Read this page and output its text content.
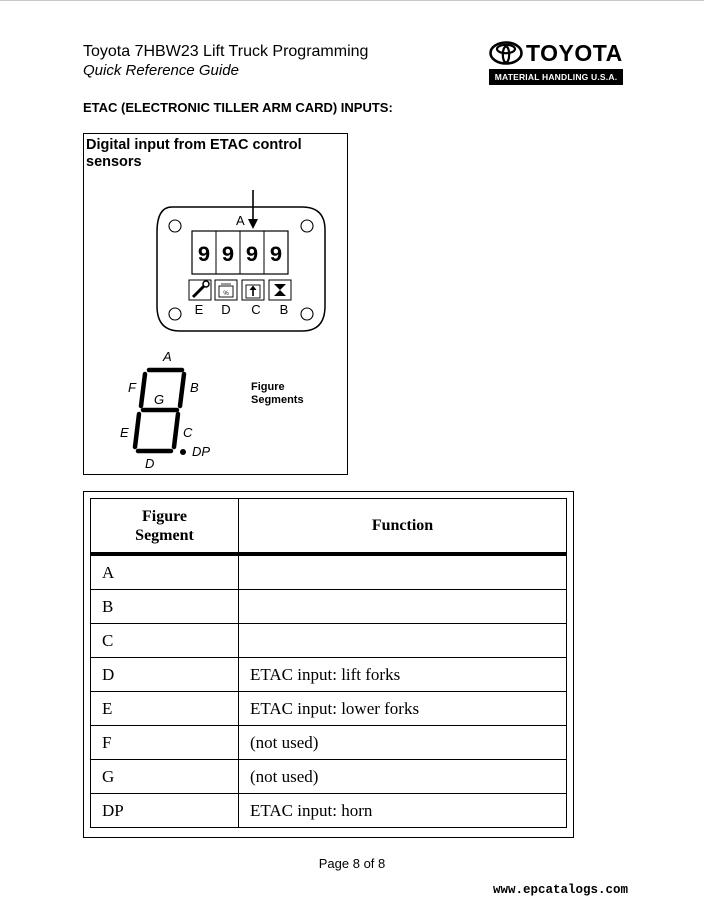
Toyota 7HBW23 Lift Truck Programming
Quick Reference Guide
TOYOTA
MATERIAL HANDLING U.S.A.
ETAC (ELECTRONIC TILLER ARM CARD) INPUTS:
Digital input from ETAC control sensors
A
9 9 9 9
%
E D C B
A
F	B
G
E	C
DP
D
Figure
Segments
Figure
Segment	Function
A	
B	
C	
D	ETAC input: lift forks
E	ETAC input: lower forks
F	(not used)
G	(not used)
DP	ETAC input: horn
Page 8 of 8
www.epcatalogs.com
